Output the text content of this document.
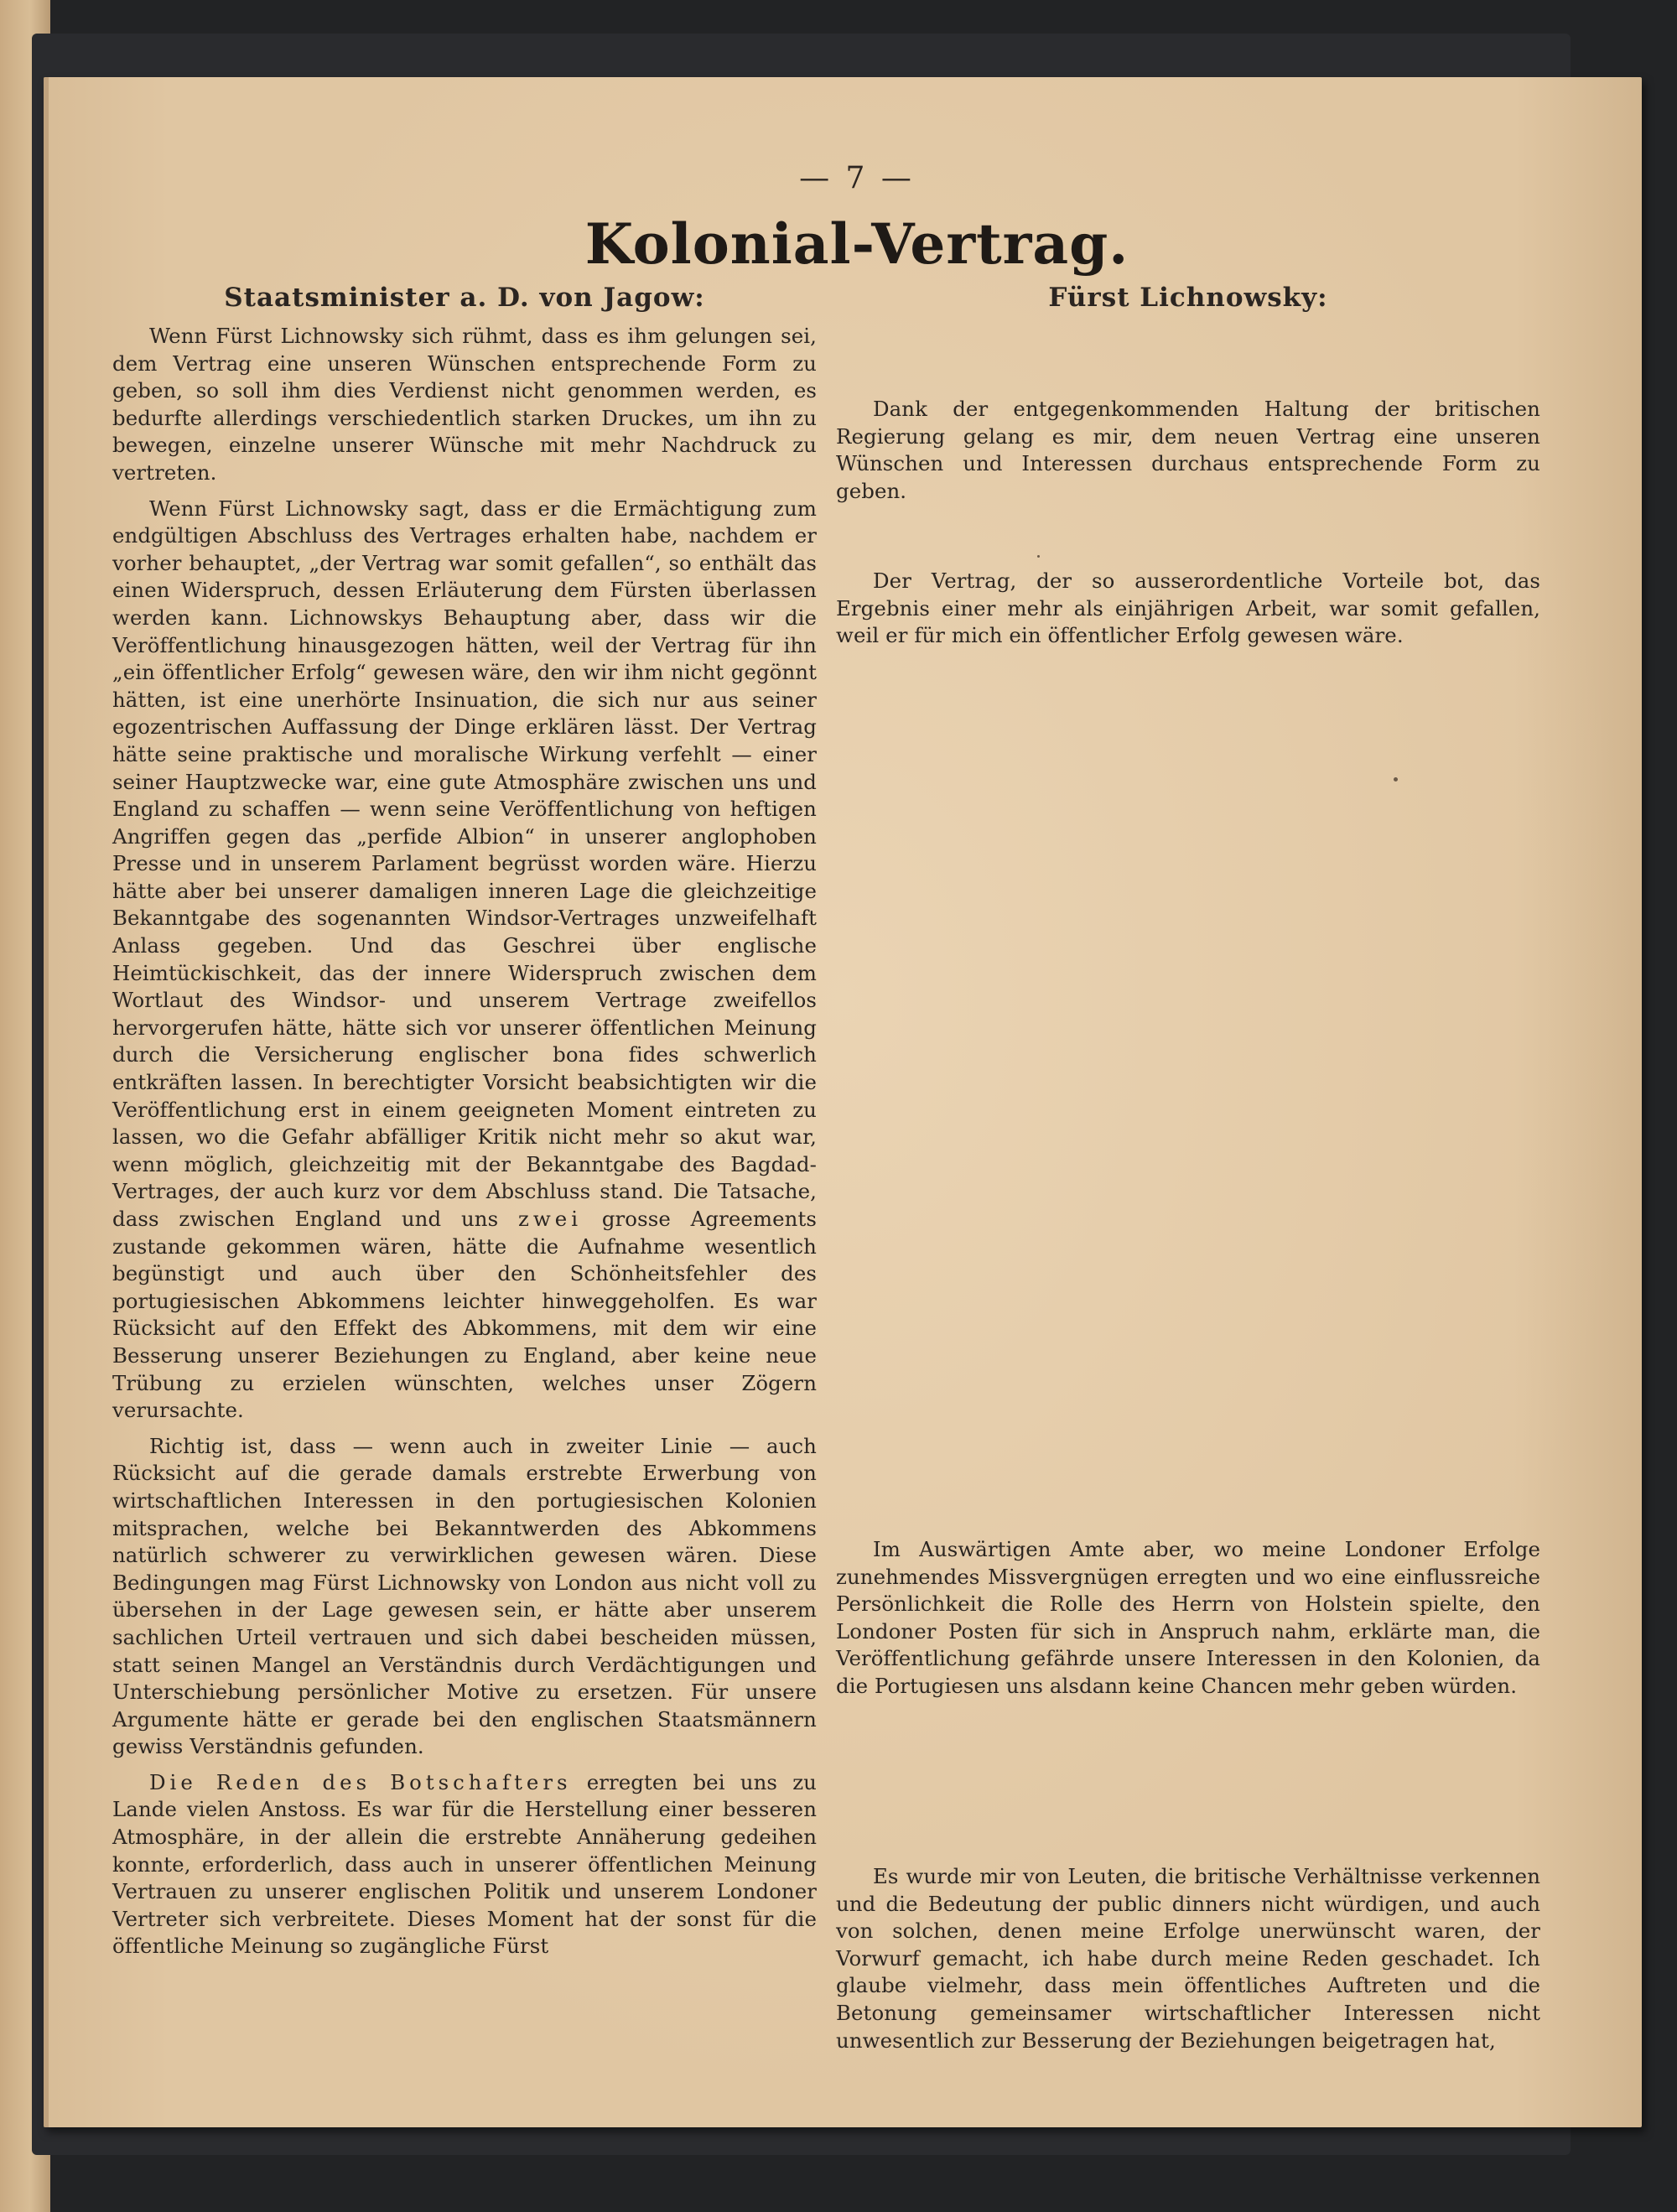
— 7 —
Kolonial-Vertrag.
Staatsminister a. D. von Jagow:

Wenn Fürst Lichnowsky sich rühmt, dass es ihm gelungen sei, dem Vertrag eine unseren Wünschen entsprechende Form zu geben, so soll ihm dies Verdienst nicht genommen werden, es bedurfte allerdings verschiedentlich starken Druckes, um ihn zu bewegen, einzelne unserer Wünsche mit mehr Nachdruck zu vertreten.

Wenn Fürst Lichnowsky sagt, dass er die Ermächtigung zum endgültigen Abschluss des Vertrages erhalten habe, nachdem er vorher behauptet, „der Vertrag war somit gefallen“, so enthält das einen Widerspruch, dessen Erläuterung dem Fürsten überlassen werden kann. Lichnowskys Behauptung aber, dass wir die Veröffentlichung hinausgezogen hätten, weil der Vertrag für ihn „ein öffentlicher Erfolg“ gewesen wäre, den wir ihm nicht gegönnt hätten, ist eine unerhörte Insinuation, die sich nur aus seiner egozentrischen Auffassung der Dinge erklären lässt. Der Vertrag hätte seine praktische und moralische Wirkung verfehlt — einer seiner Hauptzwecke war, eine gute Atmosphäre zwischen uns und England zu schaffen — wenn seine Veröffentlichung von heftigen Angriffen gegen das „perfide Albion“ in unserer anglophoben Presse und in unserem Parlament begrüsst worden wäre. Hierzu hätte aber bei unserer damaligen inneren Lage die gleichzeitige Bekanntgabe des sogenannten Windsor-Vertrages unzweifelhaft Anlass gegeben. Und das Geschrei über englische Heimtückischkeit, das der innere Widerspruch zwischen dem Wortlaut des Windsor- und unserem Vertrage zweifellos hervorgerufen hätte, hätte sich vor unserer öffentlichen Meinung durch die Versicherung englischer bona fides schwerlich entkräften lassen. In berechtigter Vorsicht beabsichtigten wir die Veröffentlichung erst in einem geeigneten Moment eintreten zu lassen, wo die Gefahr abfälliger Kritik nicht mehr so akut war, wenn möglich, gleichzeitig mit der Bekanntgabe des Bagdad-Vertrages, der auch kurz vor dem Abschluss stand. Die Tatsache, dass zwischen England und uns zwei grosse Agreements zustande gekommen wären, hätte die Aufnahme wesentlich begünstigt und auch über den Schönheitsfehler des portugiesischen Abkommens leichter hinweggeholfen. Es war Rücksicht auf den Effekt des Abkommens, mit dem wir eine Besserung unserer Beziehungen zu England, aber keine neue Trübung zu erzielen wünschten, welches unser Zögern verursachte.

Richtig ist, dass — wenn auch in zweiter Linie — auch Rücksicht auf die gerade damals erstrebte Erwerbung von wirtschaftlichen Interessen in den portugiesischen Kolonien mitsprachen, welche bei Bekanntwerden des Abkommens natürlich schwerer zu verwirklichen gewesen wären. Diese Bedingungen mag Fürst Lichnowsky von London aus nicht voll zu übersehen in der Lage gewesen sein, er hätte aber unserem sachlichen Urteil vertrauen und sich dabei bescheiden müssen, statt seinen Mangel an Verständnis durch Verdächtigungen und Unterschiebung persönlicher Motive zu ersetzen. Für unsere Argumente hätte er gerade bei den englischen Staatsmännern gewiss Verständnis gefunden.

Die Reden des Botschafters erregten bei uns zu Lande vielen Anstoss. Es war für die Herstellung einer besseren Atmosphäre, in der allein die erstrebte Annäherung gedeihen konnte, erforderlich, dass auch in unserer öffentlichen Meinung Vertrauen zu unserer englischen Politik und unserem Londoner Vertreter sich verbreitete. Dieses Moment hat der sonst für die öffentliche Meinung so zugängliche Fürst

Fürst Lichnowsky:

Dank der entgegenkommenden Haltung der britischen Regierung gelang es mir, dem neuen Vertrag eine unseren Wünschen und Interessen durchaus entsprechende Form zu geben.

Der Vertrag, der so ausserordentliche Vorteile bot, das Ergebnis einer mehr als einjährigen Arbeit, war somit gefallen, weil er für mich ein öffentlicher Erfolg gewesen wäre.

Im Auswärtigen Amte aber, wo meine Londoner Erfolge zunehmendes Missvergnügen erregten und wo eine einflussreiche Persönlichkeit die Rolle des Herrn von Holstein spielte, den Londoner Posten für sich in Anspruch nahm, erklärte man, die Veröffentlichung gefährde unsere Interessen in den Kolonien, da die Portugiesen uns alsdann keine Chancen mehr geben würden.

Es wurde mir von Leuten, die britische Verhältnisse verkennen und die Bedeutung der public dinners nicht würdigen, und auch von solchen, denen meine Erfolge unerwünscht waren, der Vorwurf gemacht, ich habe durch meine Reden geschadet. Ich glaube vielmehr, dass mein öffentliches Auftreten und die Betonung gemeinsamer wirtschaftlicher Interessen nicht unwesentlich zur Besserung der Beziehungen beigetragen hat,
